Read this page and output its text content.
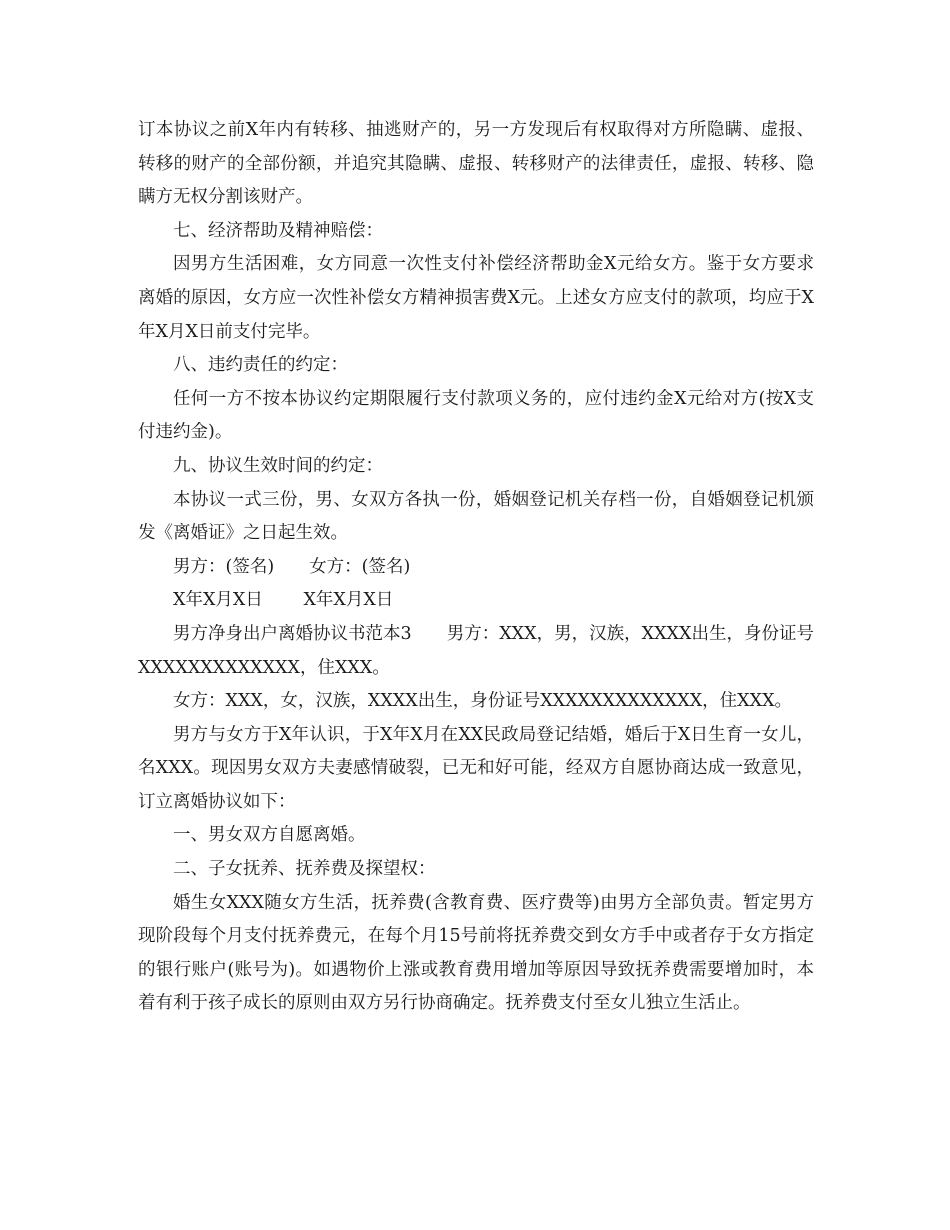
订本协议之前X年内有转移、抽逃财产的，另一方发现后有权取得对方所隐瞒、虚报、转移的财产的全部份额，并追究其隐瞒、虚报、转移财产的法律责任，虚报、转移、隐瞒方无权分割该财产。

七、经济帮助及精神赔偿：

因男方生活困难，女方同意一次性支付补偿经济帮助金X元给女方。鉴于女方要求离婚的原因，女方应一次性补偿女方精神损害费X元。上述女方应支付的款项，均应于X年X月X日前支付完毕。

八、违约责任的约定：

任何一方不按本协议约定期限履行支付款项义务的，应付违约金X元给对方(按X支付违约金)。

九、协议生效时间的约定：

本协议一式三份，男、女双方各执一份，婚姻登记机关存档一份，自婚姻登记机颁发《离婚证》之日起生效。

男方：(签名)　　女方：(签名)

X年X月X日　　 X年X月X日

男方净身出户离婚协议书范本3　　男方：XXX，男，汉族，XXXX出生，身份证号XXXXXXXXXXXXX，住XXX。

女方：XXX，女，汉族，XXXX出生，身份证号XXXXXXXXXXXXX，住XXX。

男方与女方于X年认识，于X年X月在XX民政局登记结婚，婚后于X日生育一女儿，名XXX。现因男女双方夫妻感情破裂，已无和好可能，经双方自愿协商达成一致意见，订立离婚协议如下：

一、男女双方自愿离婚。

二、子女抚养、抚养费及探望权：

婚生女XXX随女方生活，抚养费(含教育费、医疗费等)由男方全部负责。暂定男方现阶段每个月支付抚养费元，在每个月15号前将抚养费交到女方手中或者存于女方指定的银行账户(账号为)。如遇物价上涨或教育费用增加等原因导致抚养费需要增加时，本着有利于孩子成长的原则由双方另行协商确定。抚养费支付至女儿独立生活止。
